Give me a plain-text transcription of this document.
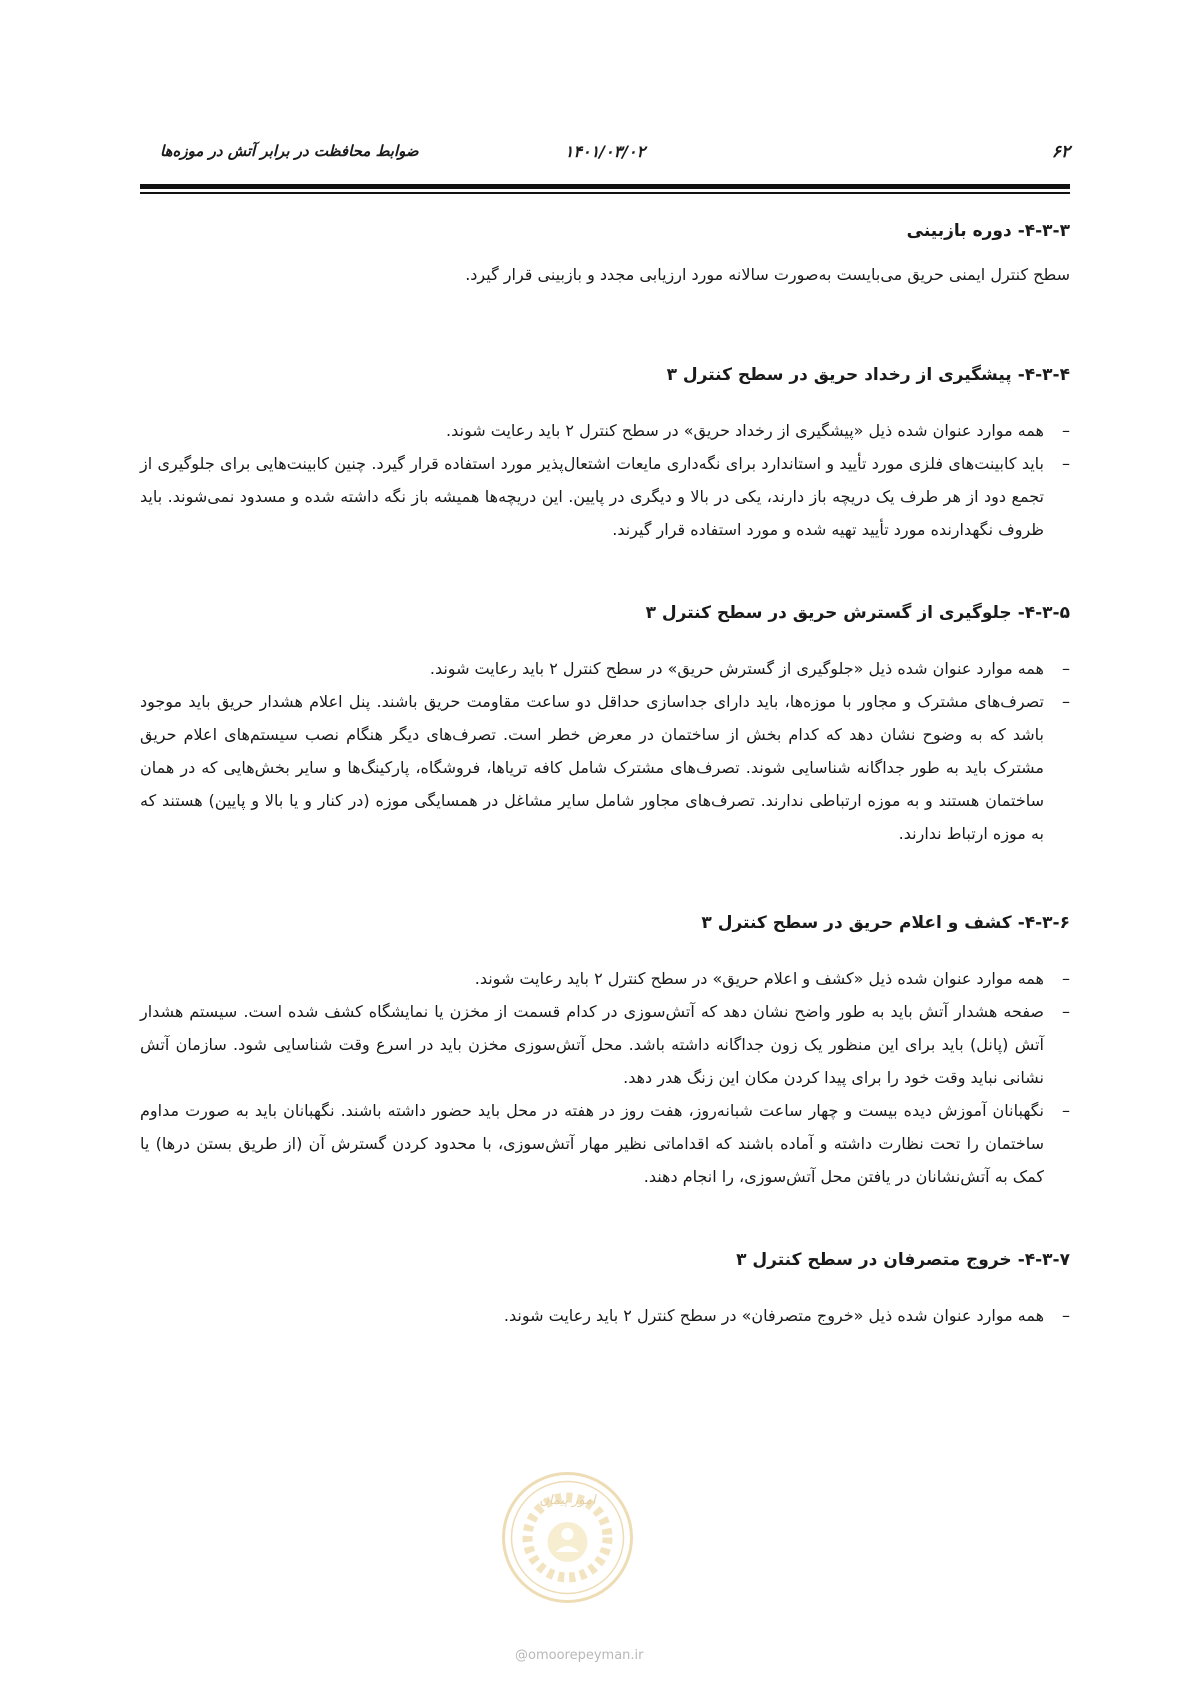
۶۲
۱۴۰۱/۰۳/۰۲
ضوابط محافظت در برابر آتش در موزه‌ها

۴-۳-۳-دوره بازبینی

سطح کنترل ایمنی حریق می‌بایست به‌صورت سالانه مورد ارزیابی مجدد و بازبینی قرار گیرد.

۴-۳-۴-پیشگیری از رخداد حریق در سطح کنترل ۳

–
همه موارد عنوان شده ذیل «پیشگیری از رخداد حریق» در سطح کنترل ۲ باید رعایت شوند.
–
باید کابینت‌های فلزی مورد تأیید و استاندارد برای نگه‌داری مایعات اشتعال‌پذیر مورد استفاده قرار گیرد. چنین کابینت‌هایی برای جلوگیری از تجمع دود از هر طرف یک دریچه باز دارند، یکی در بالا و دیگری در پایین. این دریچه‌ها همیشه باز نگه داشته شده و مسدود نمی‌شوند. باید ظروف نگهدارنده مورد تأیید تهیه شده و مورد استفاده قرار گیرند.

۴-۳-۵-جلوگیری از گسترش حریق در سطح کنترل ۳

–
همه موارد عنوان شده ذیل «جلوگیری از گسترش حریق» در سطح کنترل ۲ باید رعایت شوند.
–
تصرف‌های مشترک و مجاور با موزه‌ها، باید دارای جداسازی حداقل دو ساعت مقاومت حریق باشند. پنل اعلام هشدار حریق باید موجود باشد که به وضوح نشان دهد که کدام بخش از ساختمان در معرض خطر است. تصرف‌های دیگر هنگام نصب سیستم‌های اعلام حریق مشترک باید به طور جداگانه شناسایی شوند. تصرف‌های مشترک شامل کافه تریاها، فروشگاه، پارکینگ‌ها و سایر بخش‌هایی که در همان ساختمان هستند و به موزه ارتباطی ندارند. تصرف‌های مجاور شامل سایر مشاغل در همسایگی موزه (در کنار و یا بالا و پایین) هستند که به موزه ارتباط ندارند.

۴-۳-۶-کشف و اعلام حریق در سطح کنترل ۳

–
همه موارد عنوان شده ذیل «کشف و اعلام حریق» در سطح کنترل ۲ باید رعایت شوند.
–
صفحه هشدار آتش باید به طور واضح نشان دهد که آتش‌سوزی در کدام قسمت از مخزن یا نمایشگاه کشف شده است. سیستم هشدار آتش (پانل) باید برای این منظور یک زون جداگانه داشته باشد. محل آتش‌سوزی مخزن باید در اسرع وقت شناسایی شود. سازمان آتش نشانی نباید وقت خود را برای پیدا کردن مکان این زنگ هدر دهد.
–
نگهبانان آموزش دیده بیست و چهار ساعت شبانه‌روز، هفت روز در هفته در محل باید حضور داشته باشند. نگهبانان باید به صورت مداوم ساختمان را تحت نظارت داشته و آماده باشند که اقداماتی نظیر مهار آتش‌سوزی، با محدود کردن گسترش آن (از طریق بستن درها) یا کمک به آتش‌نشانان در یافتن محل آتش‌سوزی، را انجام دهند.

۴-۳-۷-خروج متصرفان در سطح کنترل ۳

–
همه موارد عنوان شده ذیل «خروج متصرفان» در سطح کنترل ۲ باید رعایت شوند.
امور پیمان
@omoorepeyman.ir
